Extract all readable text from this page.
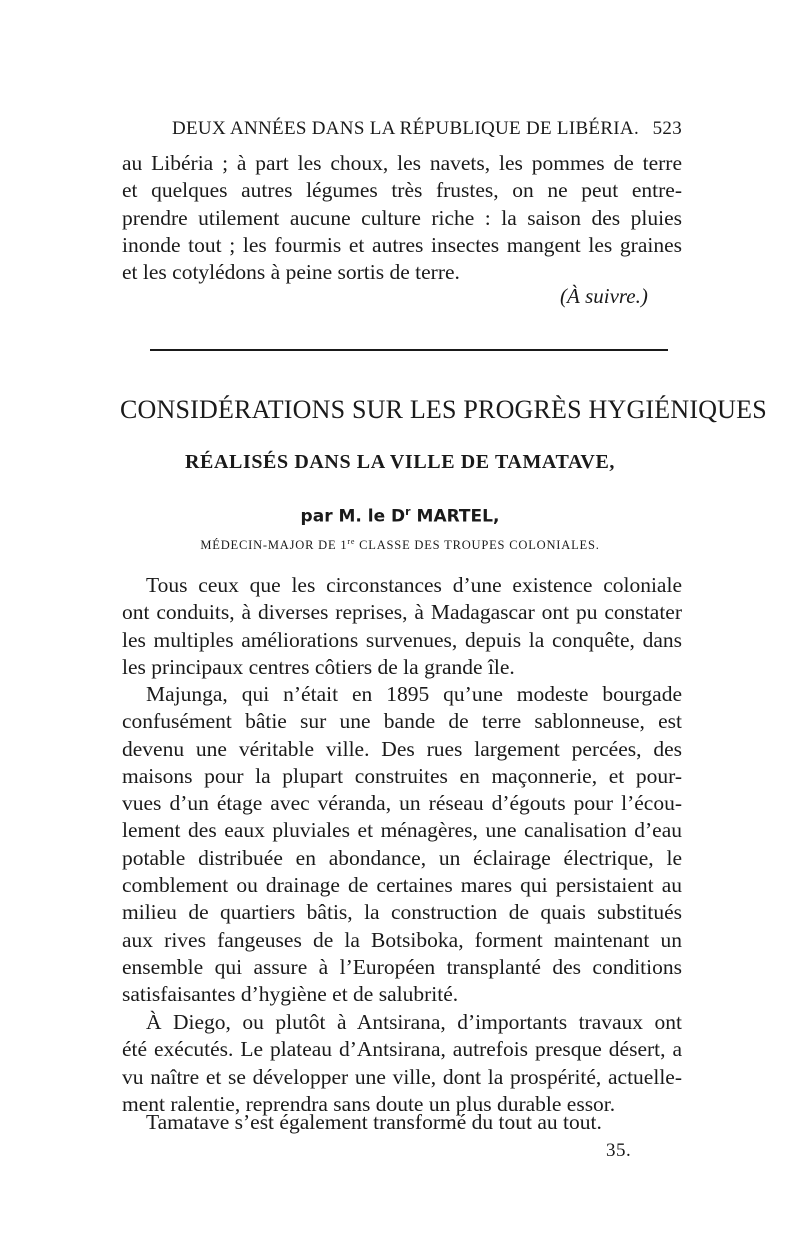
DEUX ANNÉES DANS LA RÉPUBLIQUE DE LIBÉRIA. 523
au Libéria ; à part les choux, les navets, les pommes de terre
et quelques autres légumes très frustes, on ne peut entre-
prendre utilement aucune culture riche : la saison des pluies
inonde tout ; les fourmis et autres insectes mangent les graines
et les cotylédons à peine sortis de terre.
(À suivre.)
CONSIDÉRATIONS SUR LES PROGRÈS HYGIÉNIQUES
RÉALISÉS DANS LA VILLE DE TAMATAVE,
par M. le $D^r$ MARTEL,
MÉDECIN-MAJOR DE 1re CLASSE DES TROUPES COLONIALES.
Tous ceux que les circonstances d’une existence coloniale
ont conduits, à diverses reprises, à Madagascar ont pu constater
les multiples améliorations survenues, depuis la conquête, dans
les principaux centres côtiers de la grande île.
Majunga, qui n’était en 1895 qu’une modeste bourgade
confusément bâtie sur une bande de terre sablonneuse, est
devenu une véritable ville. Des rues largement percées, des
maisons pour la plupart construites en maçonnerie, et pour-
vues d’un étage avec véranda, un réseau d’égouts pour l’écou-
lement des eaux pluviales et ménagères, une canalisation d’eau
potable distribuée en abondance, un éclairage électrique, le
comblement ou drainage de certaines mares qui persistaient au
milieu de quartiers bâtis, la construction de quais substitués
aux rives fangeuses de la Botsiboka, forment maintenant un
ensemble qui assure à l’Européen transplanté des conditions
satisfaisantes d’hygiène et de salubrité.
À Diego, ou plutôt à Antsirana, d’importants travaux ont
été exécutés. Le plateau d’Antsirana, autrefois presque désert, a
vu naître et se développer une ville, dont la prospérité, actuelle-
ment ralentie, reprendra sans doute un plus durable essor.
Tamatave s’est également transformé du tout au tout.
35.
